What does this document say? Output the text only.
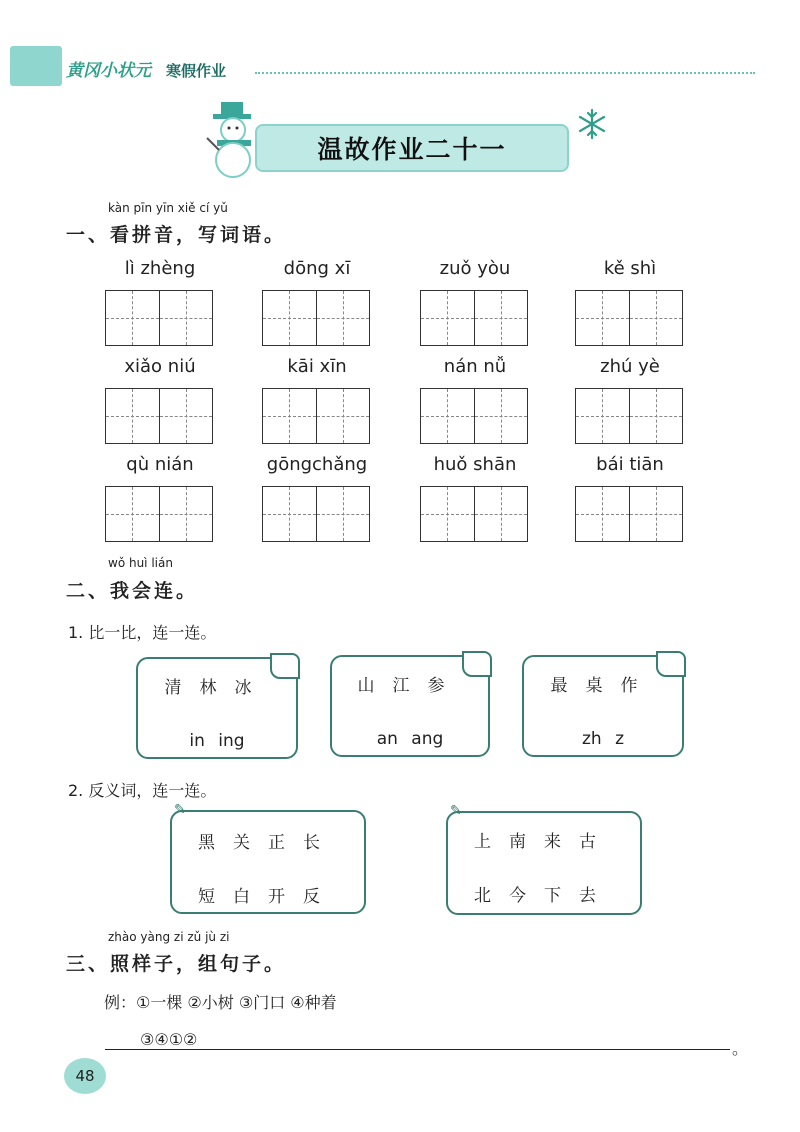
黄冈小状元 寒假作业
温故作业二十一
kàn pīn yīn xiě cí yǔ
一、看拼音，写词语。
lì zhèng	dōng xī	zuǒ yòu	kě shì
xiǎo niú	kāi xīn	nán nǚ	zhú yè
qù nián	gōngchǎng	huǒ shān	bái tiān
wǒ huì lián
二、我会连。
1. 比一比，连一连。
清林冰
in ing
山江参
an ang
最桌作
zh z
2. 反义词，连一连。
✎
黑关正长
短白开反
✎
上南来古
北今下去
zhào yàng zi zǔ jù zi
三、照样子，组句子。
例：①一棵 ②小树 ③门口 ④种着
③④①②	。
48
